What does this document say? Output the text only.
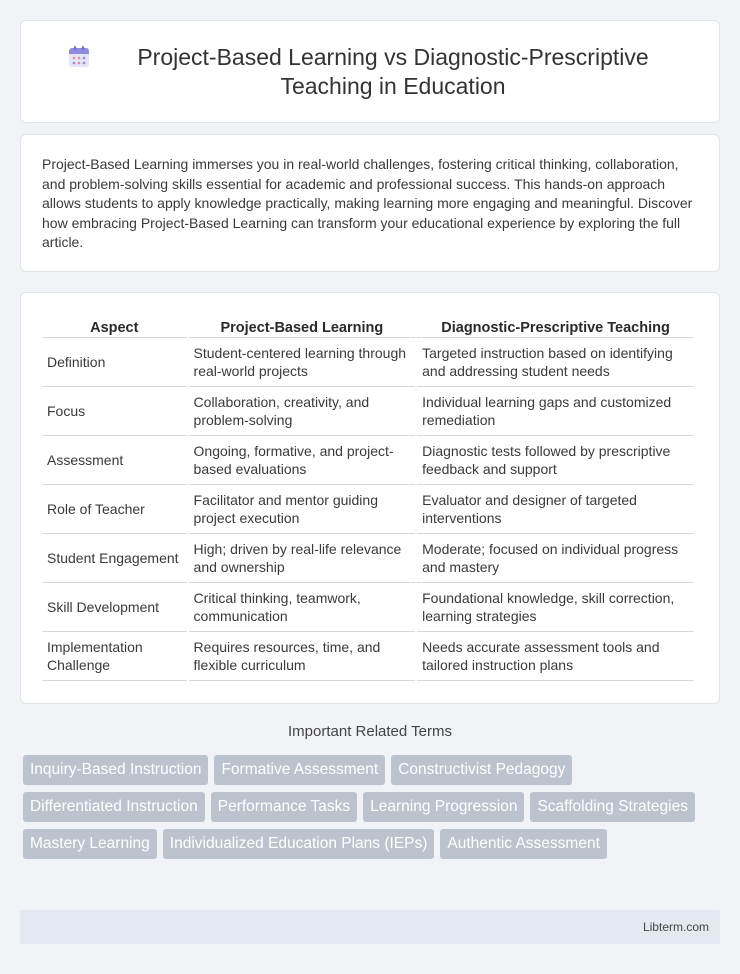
Project-Based Learning vs Diagnostic-Prescriptive Teaching in Education

Project-Based Learning immerses you in real-world challenges, fostering critical thinking, collaboration, and problem-solving skills essential for academic and professional success. This hands-on approach allows students to apply knowledge practically, making learning more engaging and meaningful. Discover how embracing Project-Based Learning can transform your educational experience by exploring the full article.

Aspect	Project-Based Learning	Diagnostic-Prescriptive Teaching
Definition	Student-centered learning through real-world projects	Targeted instruction based on identifying and addressing student needs
Focus	Collaboration, creativity, and problem-solving	Individual learning gaps and customized remediation
Assessment	Ongoing, formative, and project-based evaluations	Diagnostic tests followed by prescriptive feedback and support
Role of Teacher	Facilitator and mentor guiding project execution	Evaluator and designer of targeted interventions
Student Engagement	High; driven by real-life relevance and ownership	Moderate; focused on individual progress and mastery
Skill Development	Critical thinking, teamwork, communication	Foundational knowledge, skill correction, learning strategies
Implementation Challenge	Requires resources, time, and flexible curriculum	Needs accurate assessment tools and tailored instruction plans
Important Related Terms
Inquiry-Based Instruction	Formative Assessment	Constructivist Pedagogy
Differentiated Instruction	Performance Tasks	Learning Progression	Scaffolding Strategies
Mastery Learning	Individualized Education Plans (IEPs)	Authentic Assessment
Libterm.com
